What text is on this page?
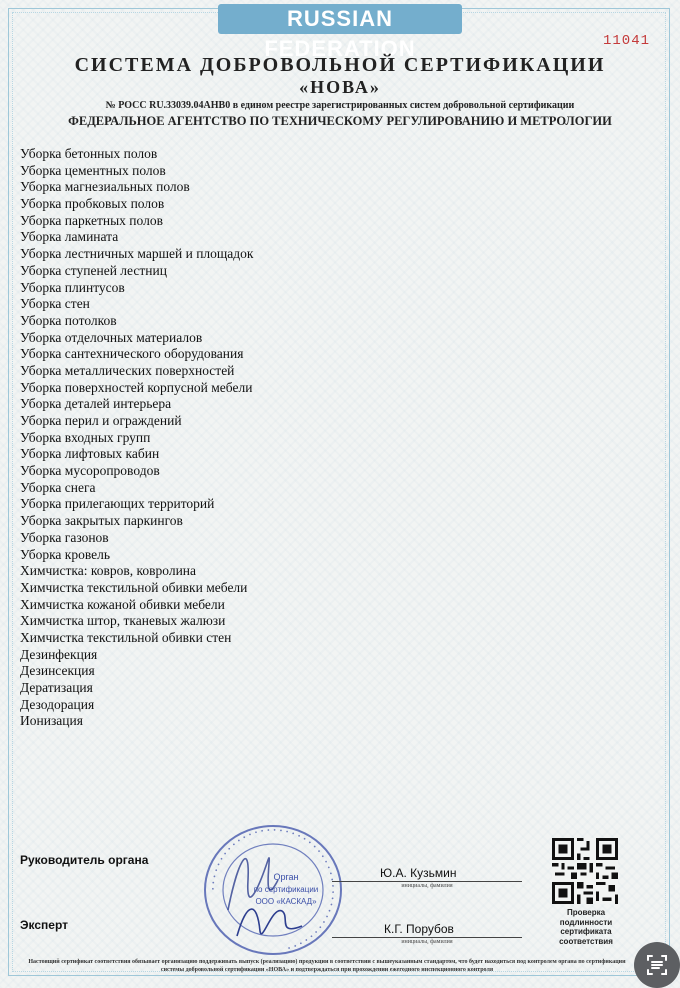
RUSSIAN FEDERATION	11041
СИСТЕМА ДОБРОВОЛЬНОЙ СЕРТИФИКАЦИИ
«НОВА»
№ РОСС RU.33039.04АНВ0 в едином реестре зарегистрированных систем добровольной сертификации
ФЕДЕРАЛЬНОЕ АГЕНТСТВО ПО ТЕХНИЧЕСКОМУ РЕГУЛИРОВАНИЮ И МЕТРОЛОГИИ
Уборка бетонных полов
Уборка цементных полов
Уборка магнезиальных полов
Уборка пробковых полов
Уборка паркетных полов
Уборка ламината
Уборка лестничных маршей и площадок
Уборка ступеней лестниц
Уборка плинтусов
Уборка стен
Уборка потолков
Уборка отделочных материалов
Уборка сантехнического оборудования
Уборка металлических поверхностей
Уборка поверхностей корпусной мебели
Уборка деталей интерьера
Уборка перил и ограждений
Уборка входных групп
Уборка лифтовых кабин
Уборка мусоропроводов
Уборка снега
Уборка прилегающих территорий
Уборка закрытых паркингов
Уборка газонов
Уборка кровель
Химчистка: ковров, ковролина
Химчистка текстильной обивки мебели
Химчистка кожаной обивки мебели
Химчистка штор, тканевых жалюзи
Химчистка текстильной обивки стен
Дезинфекция
Дезинсекция
Дератизация
Дезодорация
Ионизация
• • • • • • • • • • • • • • • • • • • • • • • • • • • • • • • • • • • • • • • • • • •
Орган
по сертификации
ООО «КАСКАД»
Руководитель органа
Ю.А. Кузьмин
инициалы, фамилия
Эксперт	К.Г. Порубов
инициалы, фамилия
Проверка
подлинности
сертификата
соответствия
Настоящий сертификат соответствия обязывает организацию поддерживать выпуск (реализацию) продукции в соответствии с вышеуказанным стандартом, что будет находиться под контролем органа по сертификации системы добровольной сертификации «НОВА» и подтверждаться при прохождении ежегодного инспекционного контроля
